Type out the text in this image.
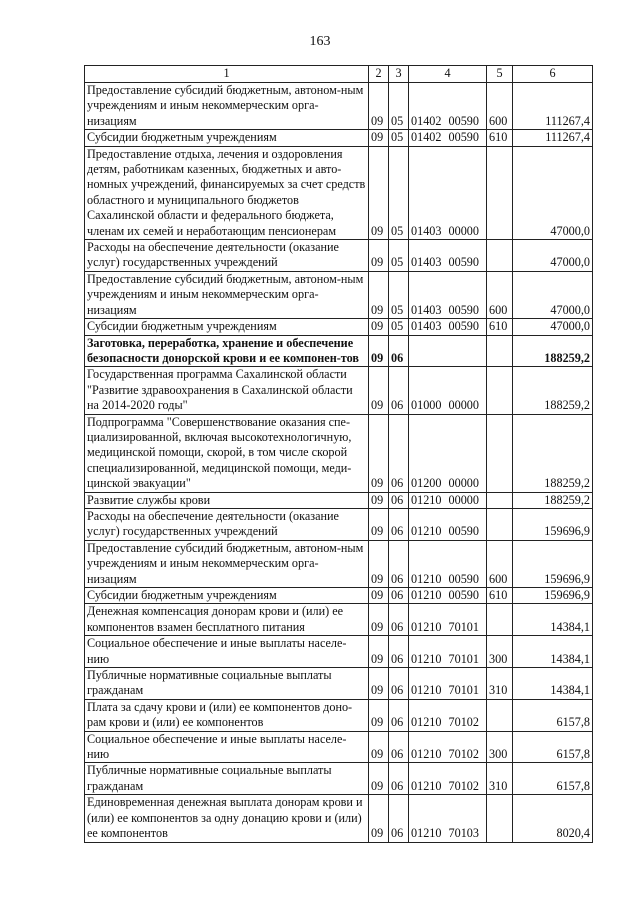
163
1	2	3	4	5	6
Предоставление субсидий бюджетным, автоном-ным учреждениям и иным некоммерческим орга-низациям	09	05	01402 00590	600	111267,4
Субсидии бюджетным учреждениям	09	05	01402 00590	610	111267,4
Предоставление отдыха, лечения и оздоровления детям, работникам казенных, бюджетных и авто-номных учреждений, финансируемых за счет средств областного и муниципального бюджетов Сахалинской области и федерального бюджета, членам их семей и неработающим пенсионерам	09	05	01403 00000		47000,0
Расходы на обеспечение деятельности (оказание услуг) государственных учреждений	09	05	01403 00590		47000,0
Предоставление субсидий бюджетным, автоном-ным учреждениям и иным некоммерческим орга-низациям	09	05	01403 00590	600	47000,0
Субсидии бюджетным учреждениям	09	05	01403 00590	610	47000,0
Заготовка, переработка, хранение и обеспечение безопасности донорской крови и ее компонен-тов	09	06			188259,2
Государственная программа Сахалинской области "Развитие здравоохранения в Сахалинской области на 2014-2020 годы"	09	06	01000 00000		188259,2
Подпрограмма "Совершенствование оказания спе-циализированной, включая высокотехнологичную, медицинской помощи, скорой, в том числе скорой специализированной, медицинской помощи, меди-цинской эвакуации"	09	06	01200 00000		188259,2
Развитие службы крови	09	06	01210 00000		188259,2
Расходы на обеспечение деятельности (оказание услуг) государственных учреждений	09	06	01210 00590		159696,9
Предоставление субсидий бюджетным, автоном-ным учреждениям и иным некоммерческим орга-низациям	09	06	01210 00590	600	159696,9
Субсидии бюджетным учреждениям	09	06	01210 00590	610	159696,9
Денежная компенсация донорам крови и (или) ее компонентов взамен бесплатного питания	09	06	01210 70101		14384,1
Социальное обеспечение и иные выплаты населе-нию	09	06	01210 70101	300	14384,1
Публичные нормативные социальные выплаты гражданам	09	06	01210 70101	310	14384,1
Плата за сдачу крови и (или) ее компонентов доно-рам крови и (или) ее компонентов	09	06	01210 70102		6157,8
Социальное обеспечение и иные выплаты населе-нию	09	06	01210 70102	300	6157,8
Публичные нормативные социальные выплаты гражданам	09	06	01210 70102	310	6157,8
Единовременная денежная выплата донорам крови и (или) ее компонентов за одну донацию крови и (или) ее компонентов	09	06	01210 70103		8020,4
